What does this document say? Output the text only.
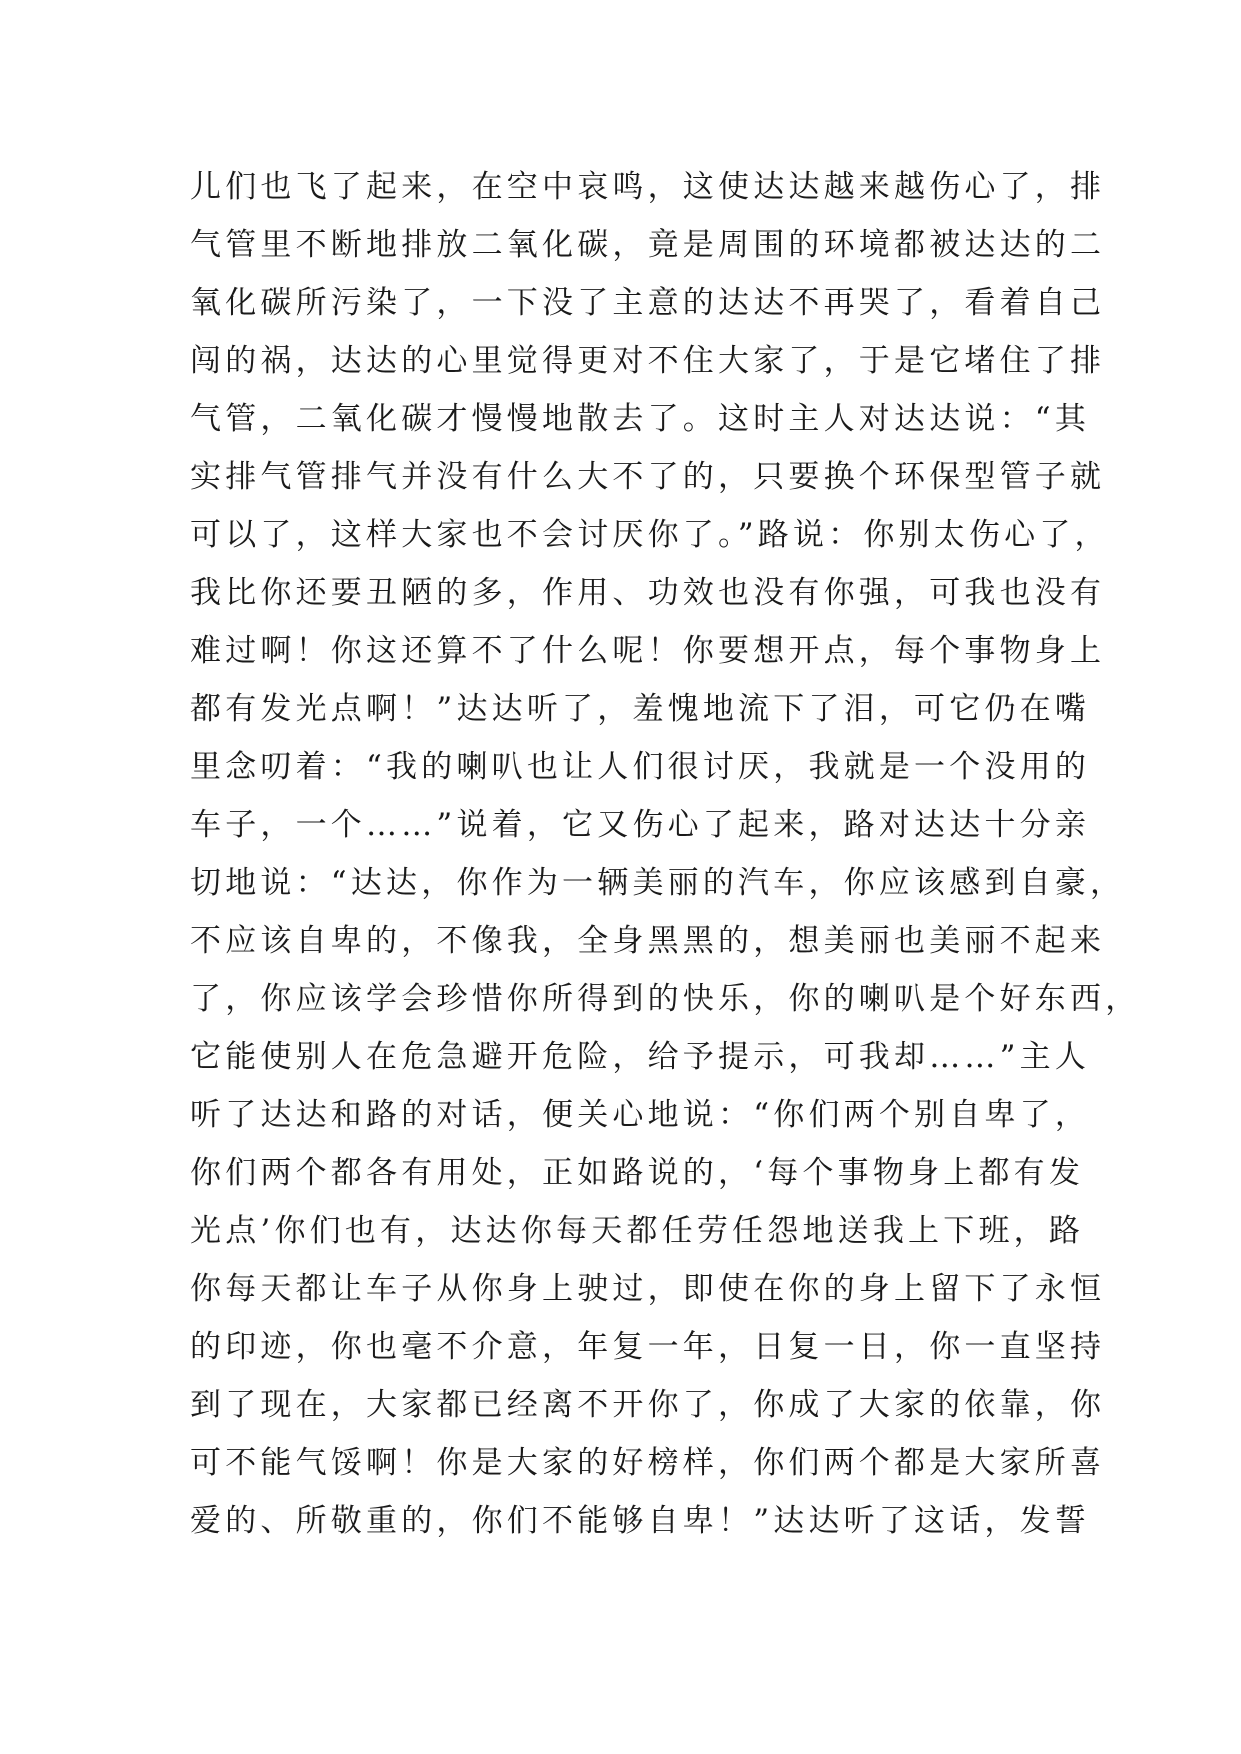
儿们也飞了起来，在空中哀鸣，这使达达越来越伤心了，排
气管里不断地排放二氧化碳，竟是周围的环境都被达达的二
氧化碳所污染了，一下没了主意的达达不再哭了，看着自己
闯的祸，达达的心里觉得更对不住大家了，于是它堵住了排
气管，二氧化碳才慢慢地散去了。这时主人对达达说：“其
实排气管排气并没有什么大不了的，只要换个环保型管子就
可以了，这样大家也不会讨厌你了。”路说：你别太伤心了，
我比你还要丑陋的多，作用、功效也没有你强，可我也没有
难过啊！你这还算不了什么呢！你要想开点，每个事物身上
都有发光点啊！”达达听了，羞愧地流下了泪，可它仍在嘴
里念叨着：“我的喇叭也让人们很讨厌，我就是一个没用的
车子，一个……”说着，它又伤心了起来，路对达达十分亲
切地说：“达达，你作为一辆美丽的汽车，你应该感到自豪，
不应该自卑的，不像我，全身黑黑的，想美丽也美丽不起来
了，你应该学会珍惜你所得到的快乐，你的喇叭是个好东西，
它能使别人在危急避开危险，给予提示，可我却……”主人
听了达达和路的对话，便关心地说：“你们两个别自卑了，
你们两个都各有用处，正如路说的，‘每个事物身上都有发
光点’你们也有，达达你每天都任劳任怨地送我上下班，路
你每天都让车子从你身上驶过，即使在你的身上留下了永恒
的印迹，你也毫不介意，年复一年，日复一日，你一直坚持
到了现在，大家都已经离不开你了，你成了大家的依靠，你
可不能气馁啊！你是大家的好榜样，你们两个都是大家所喜
爱的、所敬重的，你们不能够自卑！”达达听了这话，发誓
